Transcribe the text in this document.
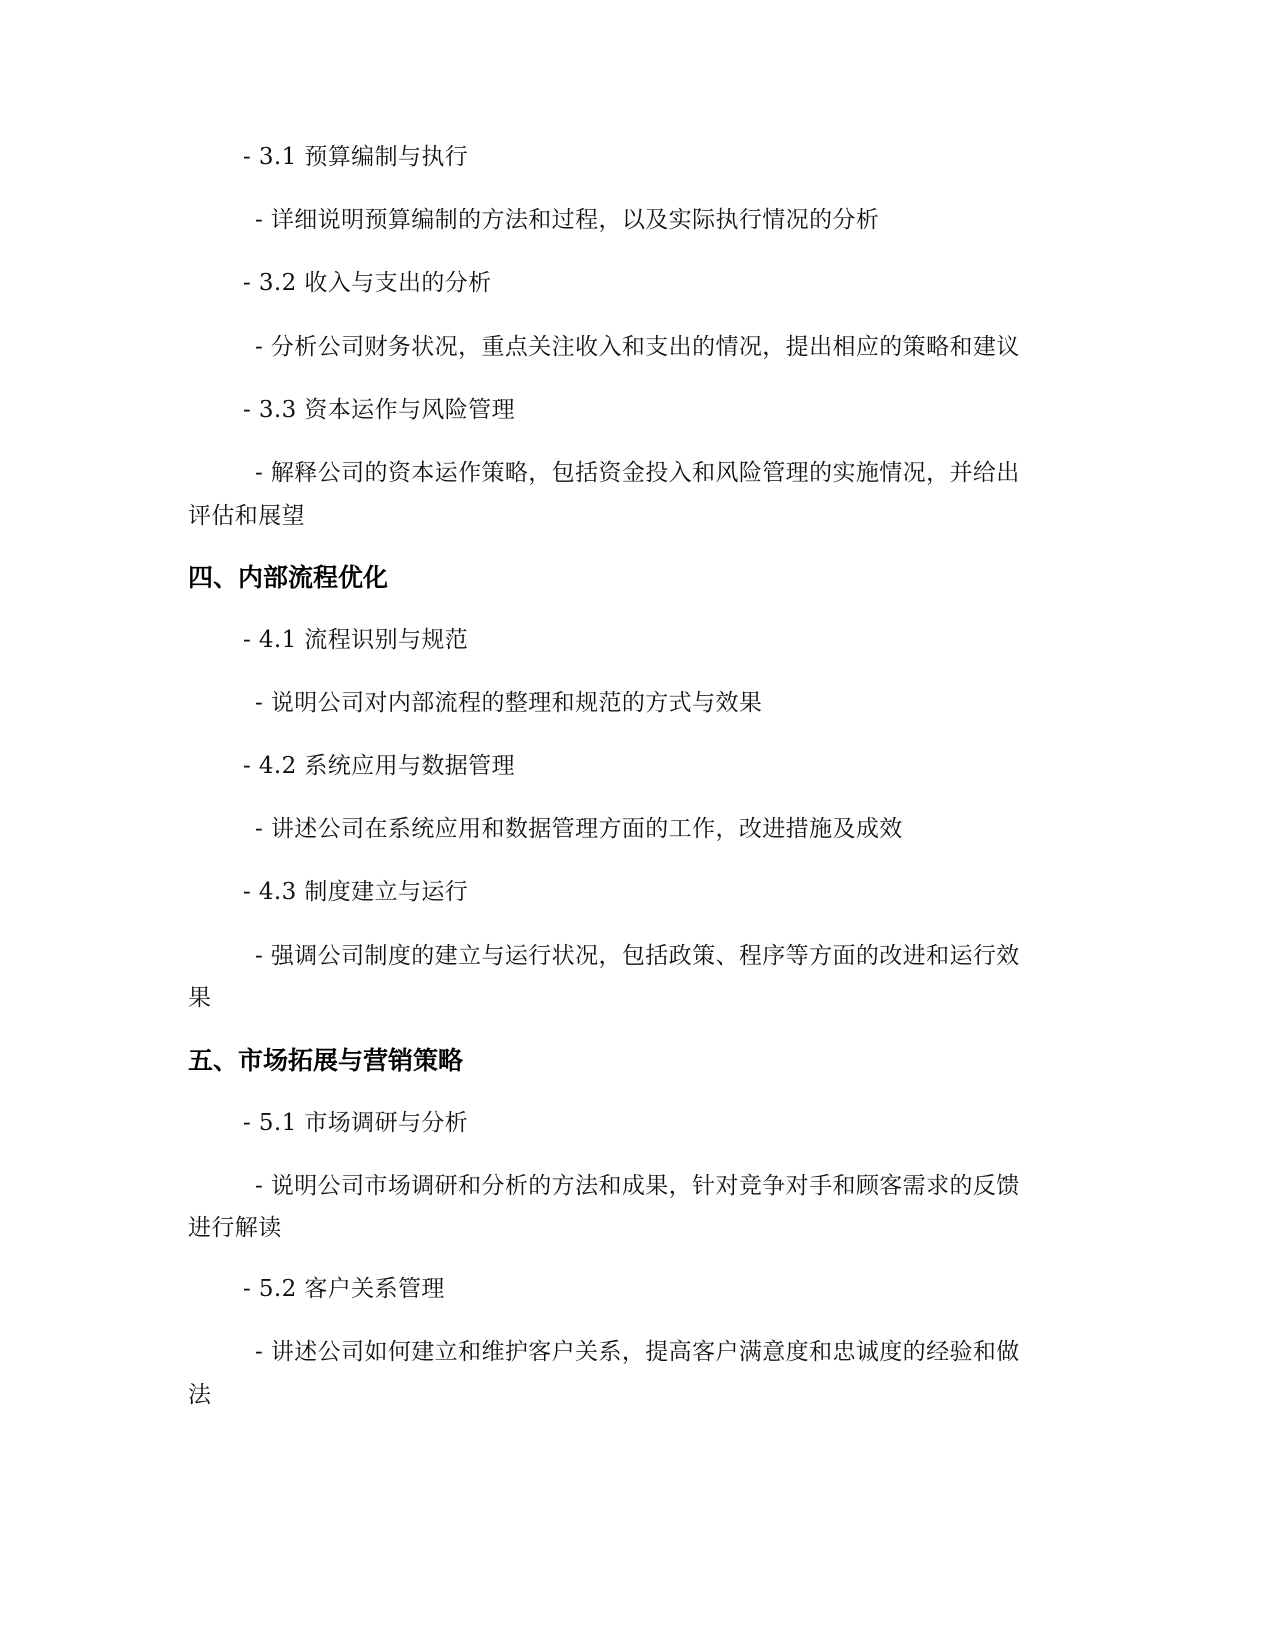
- 3.1 预算编制与执行
- 详细说明预算编制的方法和过程，以及实际执行情况的分析
- 3.2 收入与支出的分析
- 分析公司财务状况，重点关注收入和支出的情况，提出相应的策略和建议
- 3.3 资本运作与风险管理
- 解释公司的资本运作策略，包括资金投入和风险管理的实施情况，并给出
评估和展望
四、内部流程优化
- 4.1 流程识别与规范
- 说明公司对内部流程的整理和规范的方式与效果
- 4.2 系统应用与数据管理
- 讲述公司在系统应用和数据管理方面的工作，改进措施及成效
- 4.3 制度建立与运行
- 强调公司制度的建立与运行状况，包括政策、程序等方面的改进和运行效
果
五、市场拓展与营销策略
- 5.1 市场调研与分析
- 说明公司市场调研和分析的方法和成果，针对竞争对手和顾客需求的反馈
进行解读
- 5.2 客户关系管理
- 讲述公司如何建立和维护客户关系，提高客户满意度和忠诚度的经验和做
法
